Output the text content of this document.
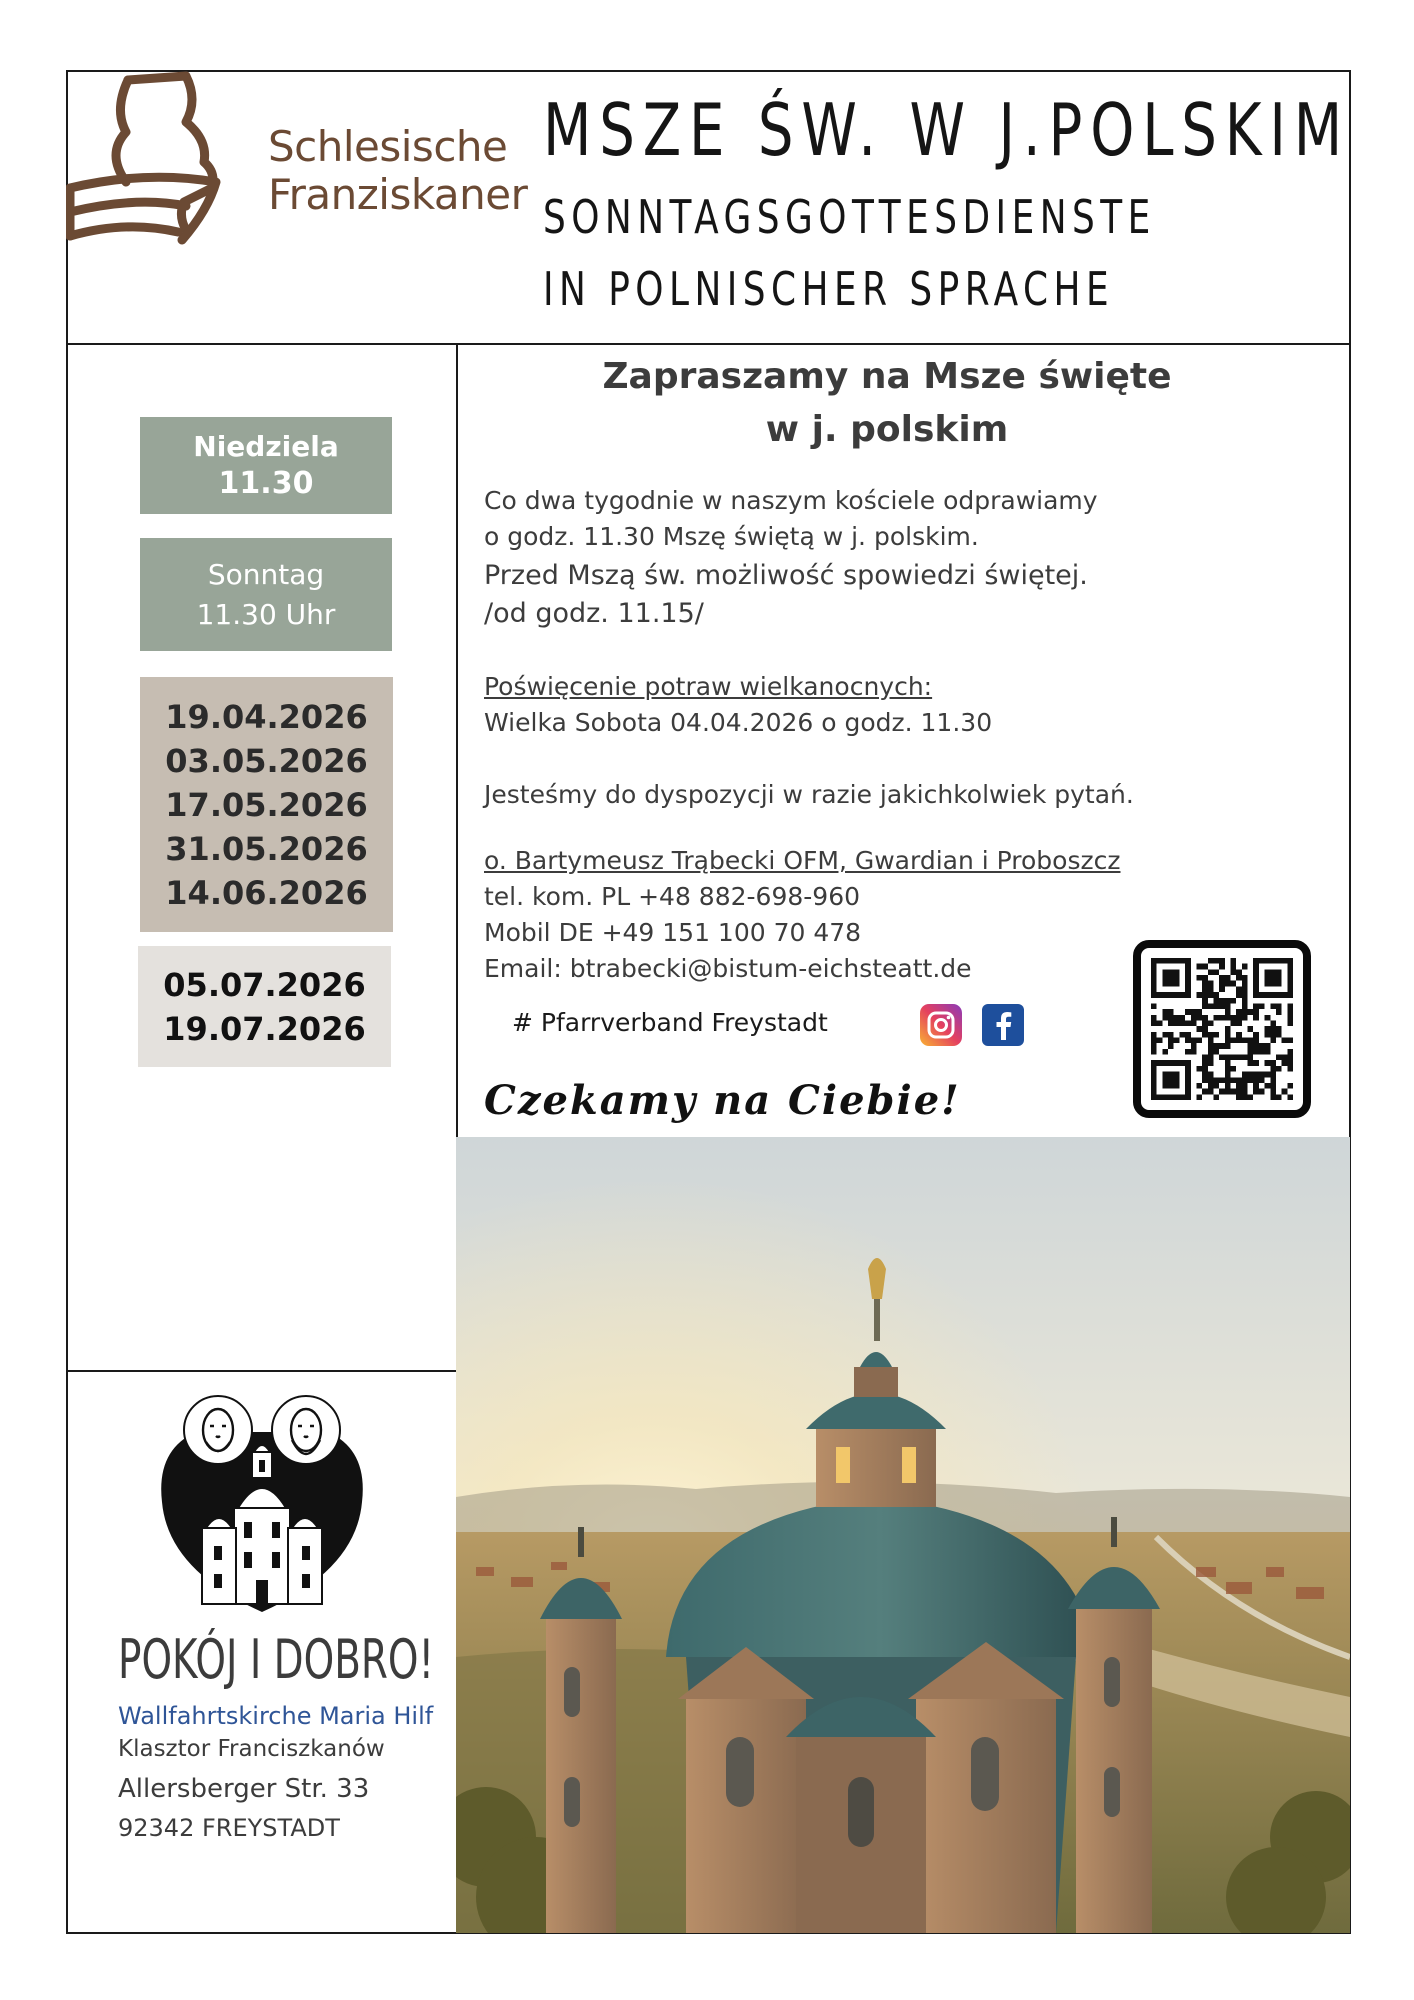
Schlesische
Franziskaner
MSZE ŚW. W J.POLSKIM
SONNTAGSGOTTESDIENSTE
IN POLNISCHER SPRACHE
Niedziela
11.30
Sonntag
11.30 Uhr
19.04.2026
03.05.2026
17.05.2026
31.05.2026
14.06.2026
05.07.2026
19.07.2026
Zapraszamy na Msze święte
w j. polskim
Co dwa tygodnie w naszym kościele odprawiamy
o godz. 11.30 Mszę świętą w j. polskim.
Przed Mszą św. możliwość spowiedzi świętej.
/od godz. 11.15/
Poświęcenie potraw wielkanocnych:
Wielka Sobota 04.04.2026 o godz. 11.30
Jesteśmy do dyspozycji w razie jakichkolwiek pytań.
o. Bartymeusz Trąbecki OFM, Gwardian i Proboszcz
tel. kom. PL +48 882-698-960
Mobil DE +49 151 100 70 478
Email: btrabecki@bistum-eichsteatt.de
# Pfarrverband Freystadt
Czekamy na Ciebie!
POKÓJ I DOBRO!
Wallfahrtskirche Maria Hilf
Klasztor Franciszkanów
Allersberger Str. 33
92342 FREYSTADT
